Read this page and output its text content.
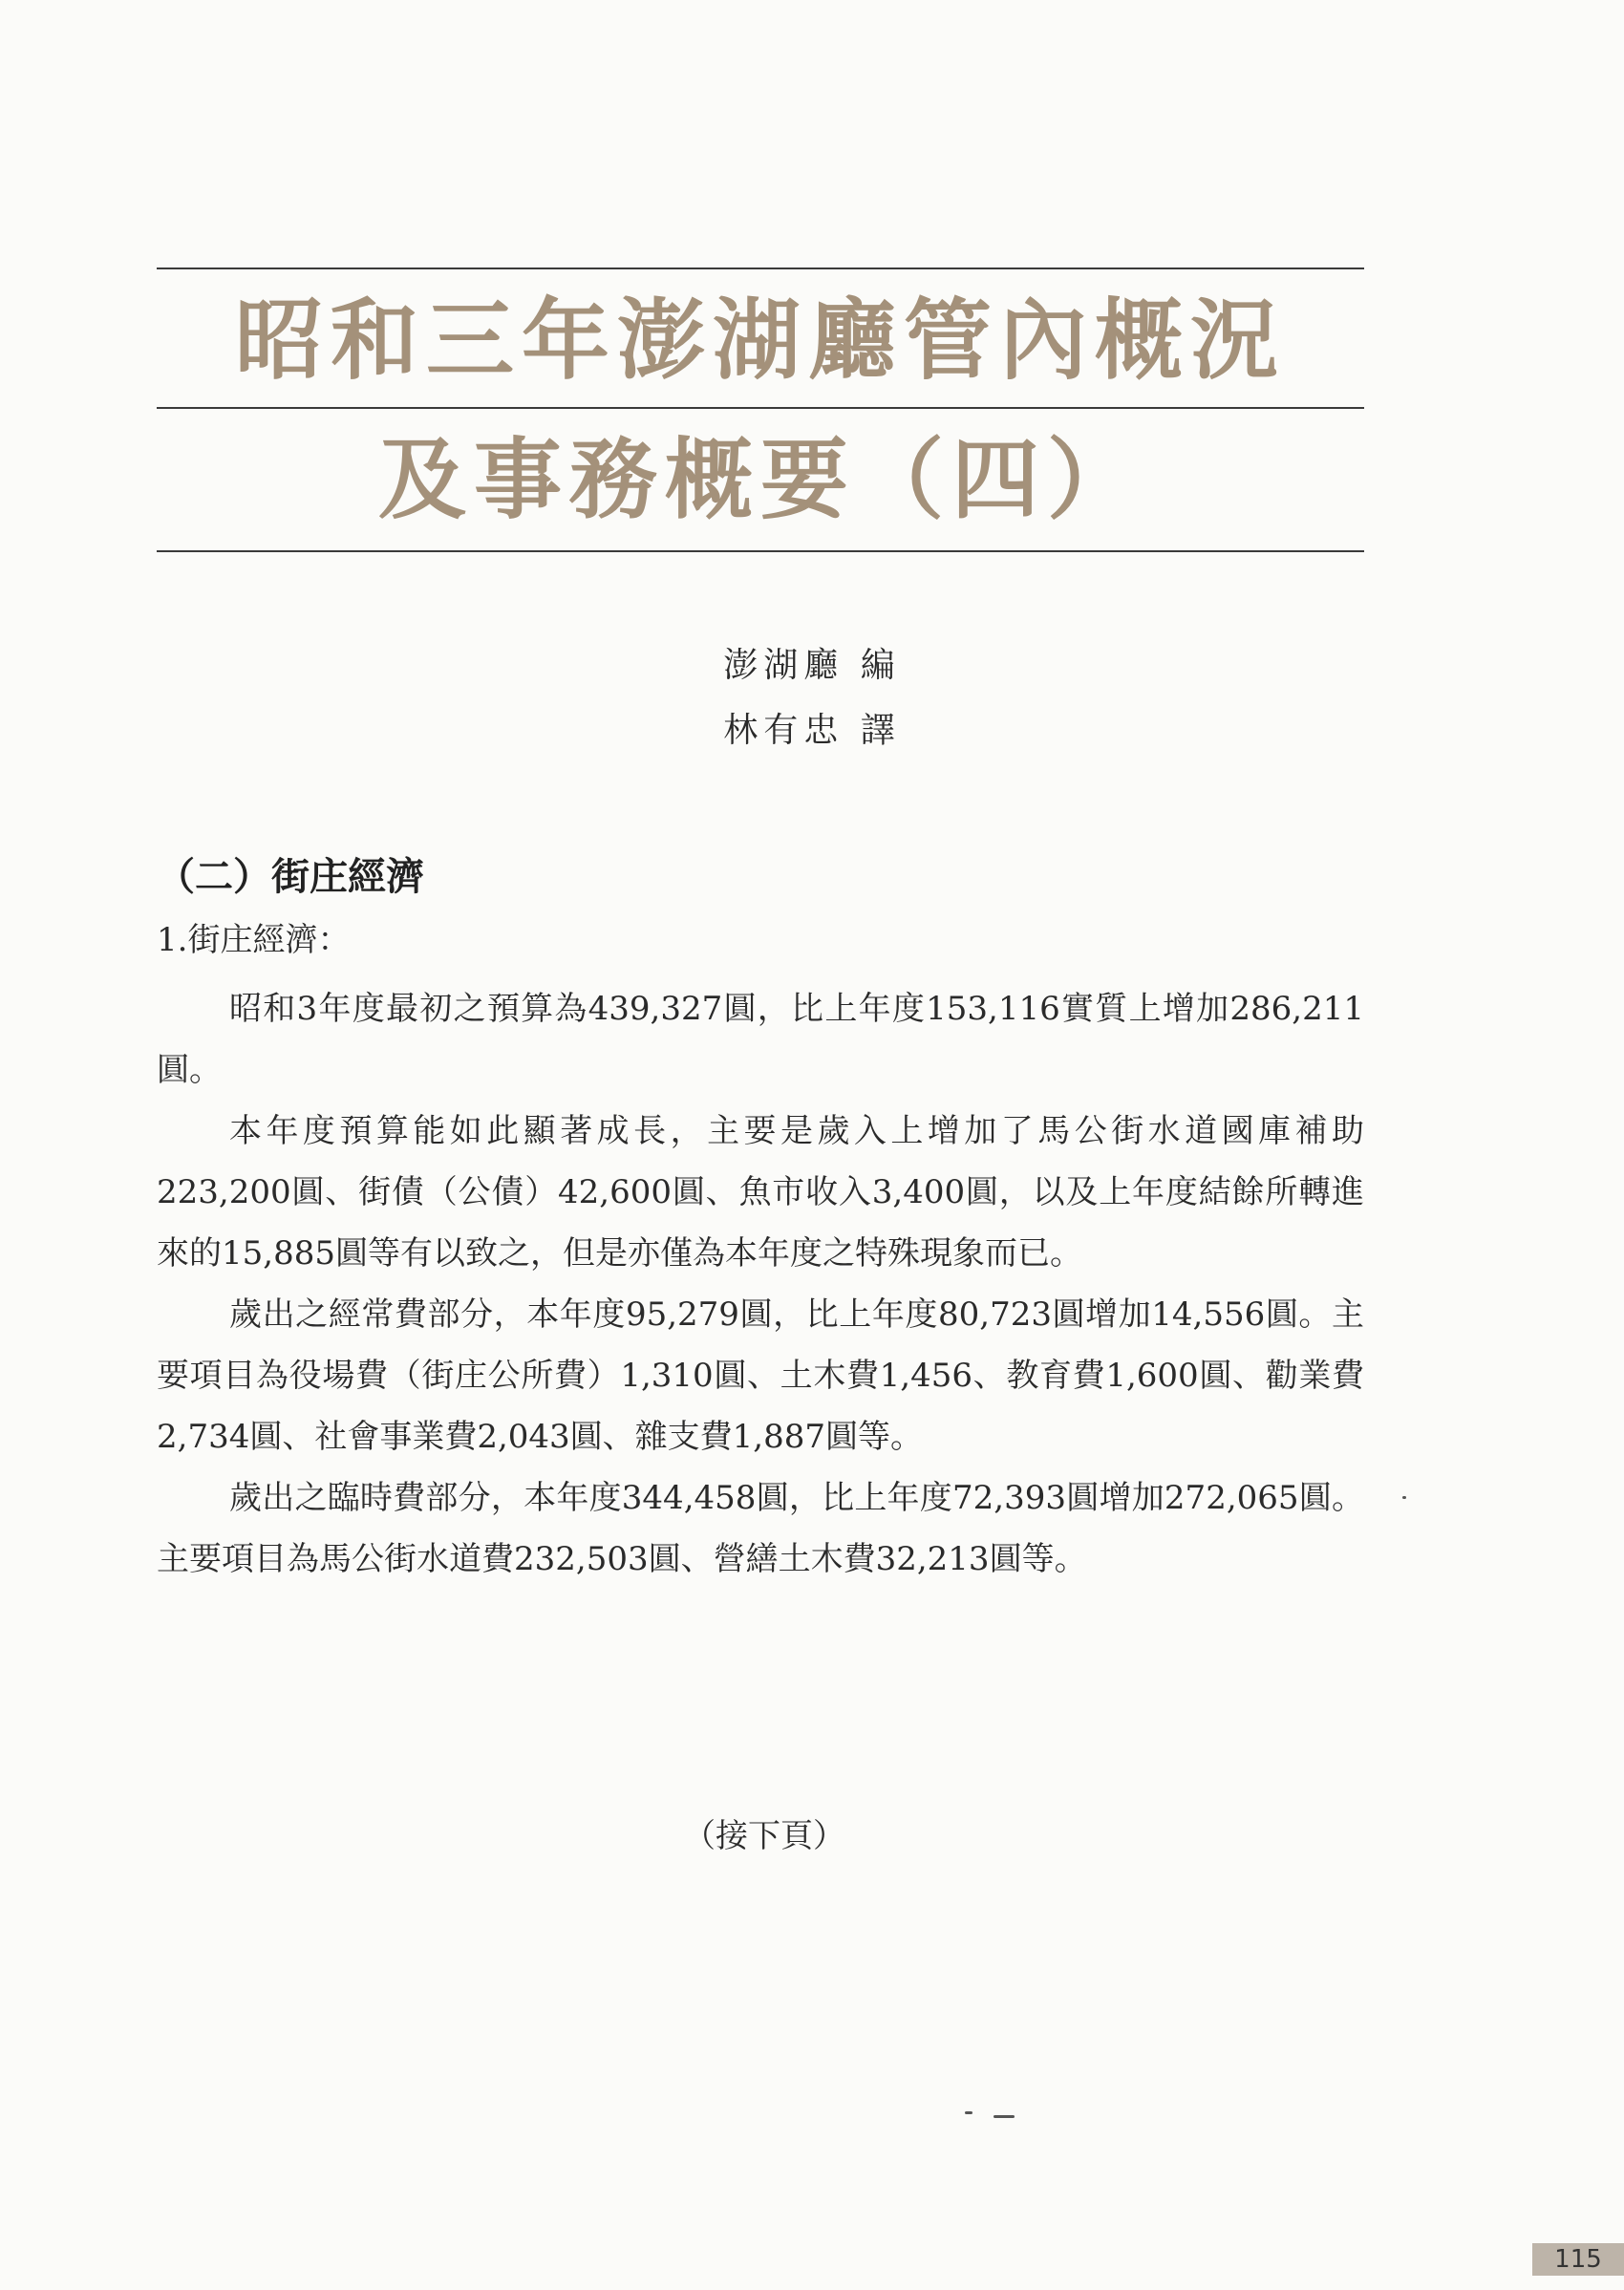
昭和三年澎湖廳管內概況
及事務概要（四）
澎湖廳 編
林有忠 譯
（二）街庄經濟
1.街庄經濟：

昭和3年度最初之預算為439,327圓，比上年度153,116實質上增加286,211圓。

本年度預算能如此顯著成長，主要是歲入上增加了馬公街水道國庫補助223,200圓、街債（公債）42,600圓、魚市收入3,400圓，以及上年度結餘所轉進來的15,885圓等有以致之，但是亦僅為本年度之特殊現象而已。

歲出之經常費部分，本年度95,279圓，比上年度80,723圓增加14,556圓。主要項目為役場費（街庄公所費）1,310圓、土木費1,456、教育費1,600圓、勸業費2,734圓、社會事業費2,043圓、雜支費1,887圓等。

歲出之臨時費部分，本年度344,458圓，比上年度72,393圓增加272,065圓。主要項目為馬公街水道費232,503圓、營繕土木費32,213圓等。

（接下頁）
115
